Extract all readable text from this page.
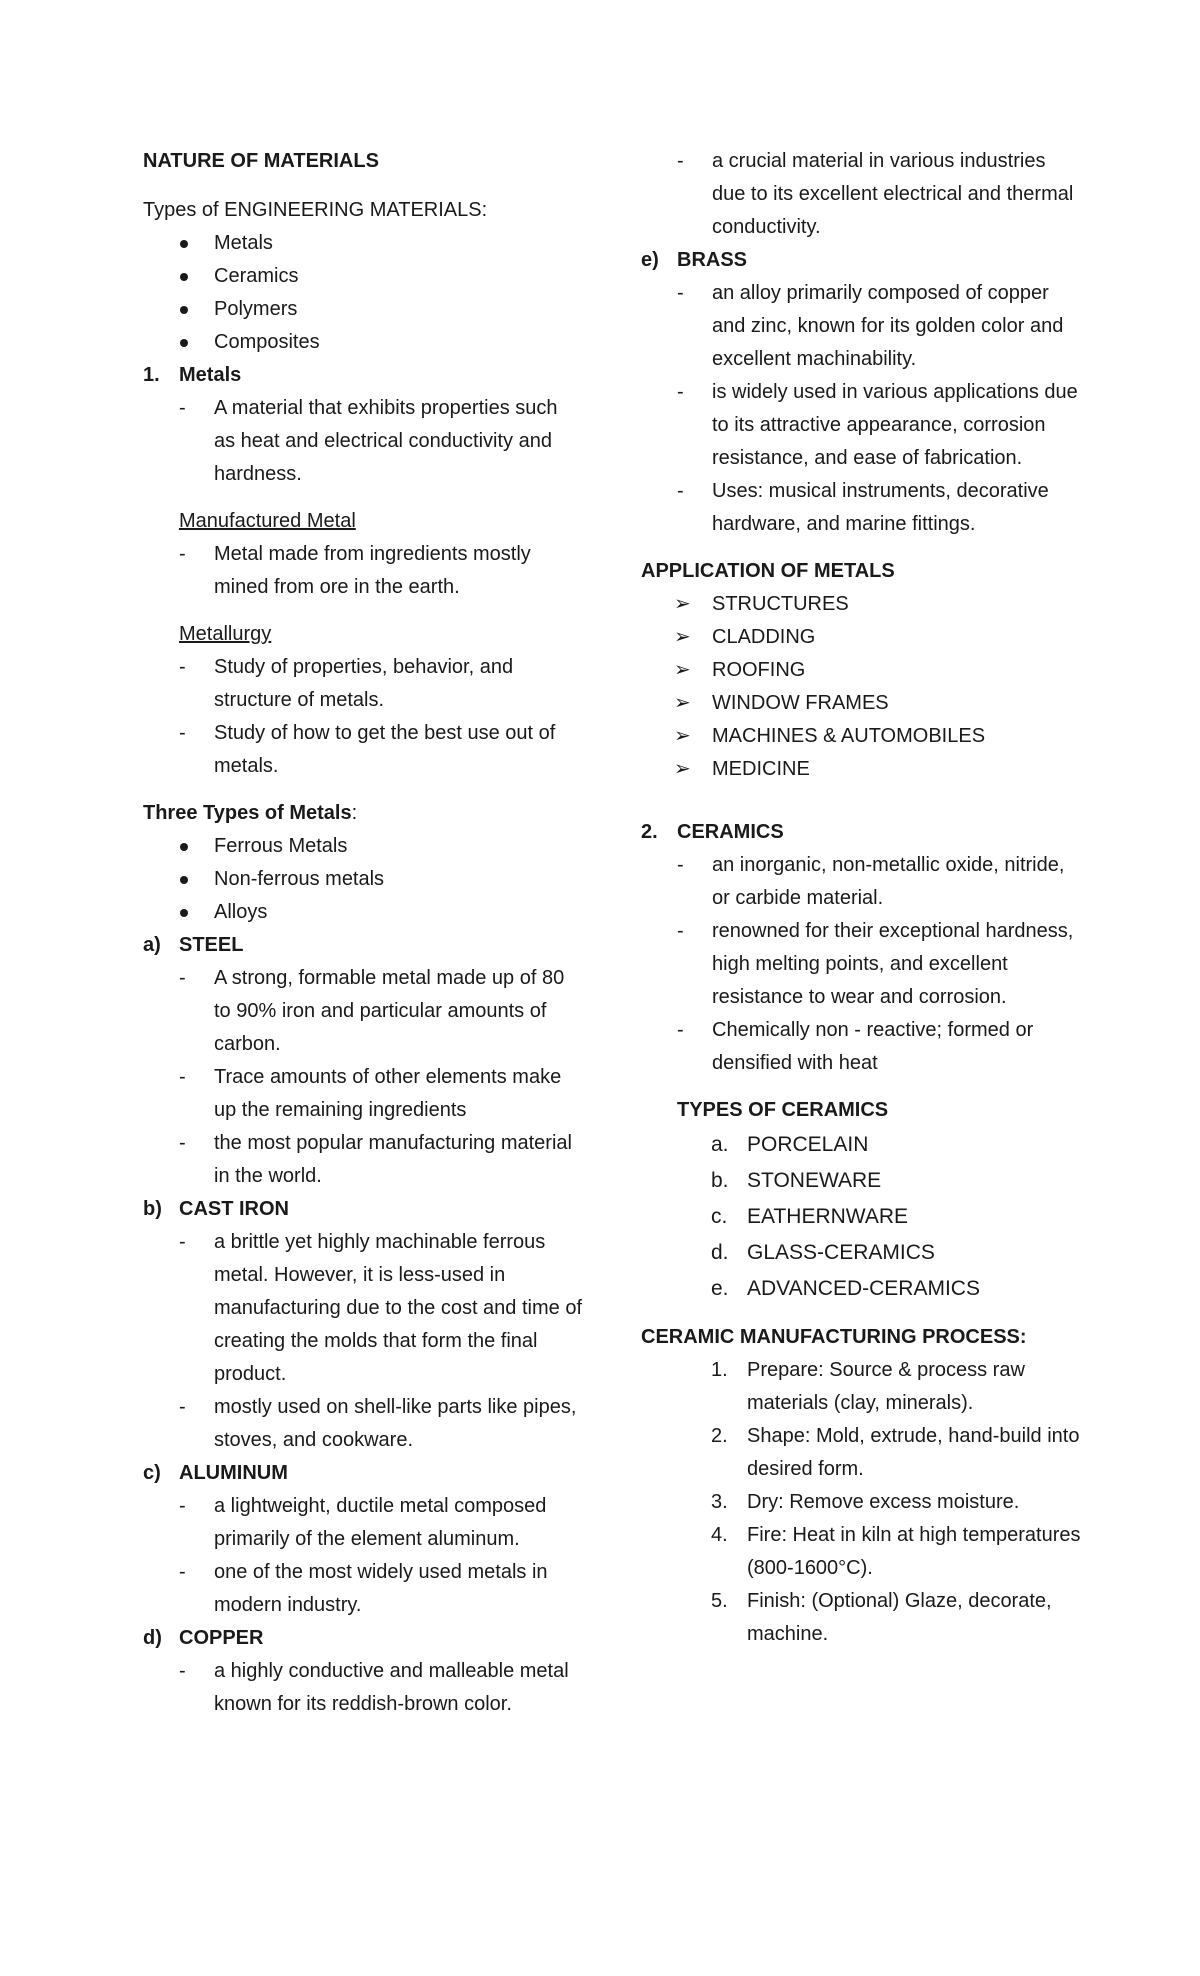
NATURE OF MATERIALS

Types of ENGINEERING MATERIALS:

Metals
Ceramics
Polymers
Composites
1. Metals
- A material that exhibits properties such as heat and electrical conductivity and hardness.

Manufactured Metal

- Metal made from ingredients mostly mined from ore in the earth.

Metallurgy

- Study of properties, behavior, and structure of metals.
- Study of how to get the best use out of metals.

Three Types of Metals:

Ferrous Metals
Non-ferrous metals
Alloys
a) STEEL
- A strong, formable metal made up of 80 to 90% iron and particular amounts of carbon.
- Trace amounts of other elements make up the remaining ingredients
- the most popular manufacturing material in the world.
b) CAST IRON
- a brittle yet highly machinable ferrous metal. However, it is less-used in manufacturing due to the cost and time of creating the molds that form the final product.
- mostly used on shell-like parts like pipes, stoves, and cookware.
c) ALUMINUM
- a lightweight, ductile metal composed primarily of the element aluminum.
- one of the most widely used metals in modern industry.
d) COPPER
- a highly conductive and malleable metal known for its reddish-brown color.
- a crucial material in various industries due to its excellent electrical and thermal conductivity.
e) BRASS
- an alloy primarily composed of copper and zinc, known for its golden color and excellent machinability.
- is widely used in various applications due to its attractive appearance, corrosion resistance, and ease of fabrication.
- Uses: musical instruments, decorative hardware, and marine fittings.

APPLICATION OF METALS

➢ STRUCTURES
➢ CLADDING
➢ ROOFING
➢ WINDOW FRAMES
➢ MACHINES & AUTOMOBILES
➢ MEDICINE
2. CERAMICS
- an inorganic, non-metallic oxide, nitride, or carbide material.
- renowned for their exceptional hardness, high melting points, and excellent resistance to wear and corrosion.
- Chemically non - reactive; formed or densified with heat

TYPES OF CERAMICS

a. PORCELAIN
b. STONEWARE
c. EATHERNWARE
d. GLASS-CERAMICS
e. ADVANCED-CERAMICS

CERAMIC MANUFACTURING PROCESS:

1. Prepare: Source & process raw materials (clay, minerals).
2. Shape: Mold, extrude, hand-build into desired form.
3. Dry: Remove excess moisture.
4. Fire: Heat in kiln at high temperatures (800-1600°C).
5. Finish: (Optional) Glaze, decorate, machine.
